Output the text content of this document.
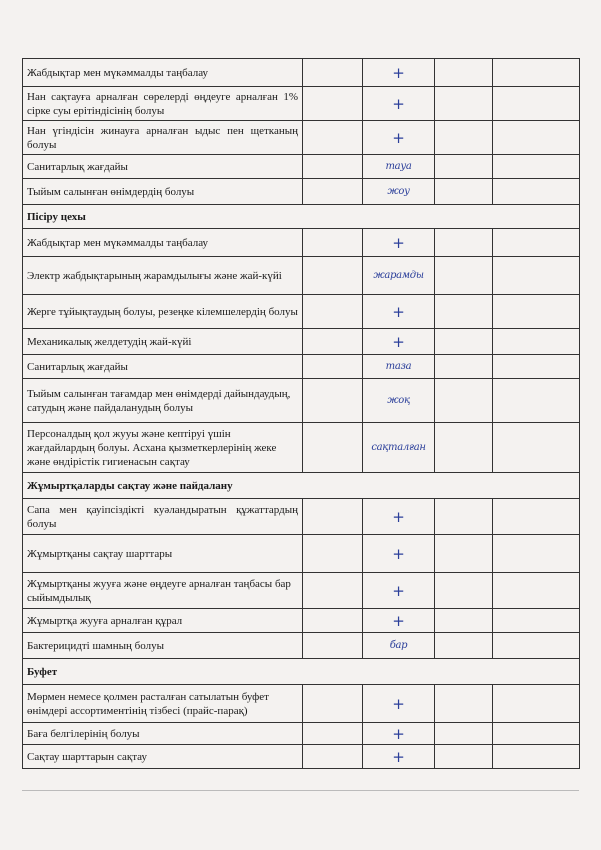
Жабдықтар мен мүкәммалды таңбалау		+		
Нан сақтауға арналған сөрелерді өңдеуге арналған 1% сірке суы ерітіндісінің болуы		+		
Нан үгіндісін жинауға арналған ыдыс пен щетканың болуы		+		
Санитарлық жағдайы		тауа		
Тыйым салынған өнімдердің болуы		жоу		
Пісіру цехы				
Жабдықтар мен мүкәммалды таңбалау		+		
Электр жабдықтарының жарамдылығы және жай-күйі		жарамды		
Жерге тұйықтаудың болуы, резеңке кілемшелердің болуы		+		
Механикалық желдетудің жай-күйі		+		
Санитарлық жағдайы		таза		
Тыйым салынған тағамдар мен өнімдерді дайындаудың, сатудың және пайдаланудың болуы		жоқ		
Персоналдың қол жууы және кептіруі үшін жағдайлардың болуы. Асхана қызметкерлерінің жеке және өндірістік гигиенасын сақтау		сақталған		
Жұмыртқаларды сақтау және пайдалану				
Сапа мен қауіпсіздікті куәландыратын құжаттардың болуы		+		
Жұмыртқаны сақтау шарттары		+		
Жұмыртқаны жууға және өңдеуге арналған таңбасы бар сыйымдылық		+		
Жұмыртқа жууға арналған құрал		+		
Бактерицидті шамның болуы		бар		
Буфет				
Мөрмен немесе қолмен расталған сатылатын буфет өнімдері ассортиментінің тізбесі (прайс-парақ)		+		
Баға белгілерінің болуы		+		
Сақтау шарттарын сақтау		+		
